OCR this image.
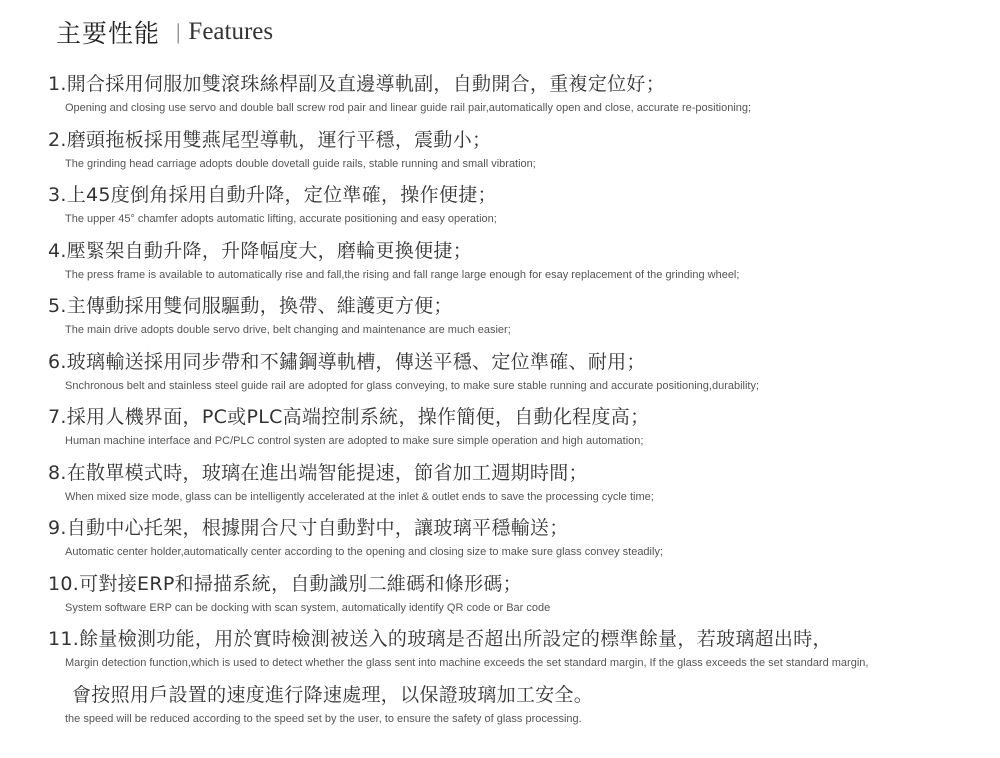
主要性能 | Features
1.開合採用伺服加雙滾珠絲桿副及直邊導軌副，自動開合，重複定位好；
Opening and closing use servo and double ball screw rod pair and linear guide rail pair,automatically open and close, accurate re-positioning;
2.磨頭拖板採用雙燕尾型導軌，運行平穩，震動小；
The grinding head carriage adopts double dovetall guide rails, stable running and small vibration;
3.上45度倒角採用自動升降，定位準確，操作便捷；
The upper 45° chamfer adopts automatic lifting, accurate positioning and easy operation;
4.壓緊架自動升降，升降幅度大，磨輪更換便捷；
The press frame is available to automatically rise and fall,the rising and fall range large enough for esay replacement of the grinding wheel;
5.主傳動採用雙伺服驅動，換帶、維護更方便；
The main drive adopts double servo drive, belt changing and maintenance are much easier;
6.玻璃輸送採用同步帶和不鏽鋼導軌槽，傳送平穩、定位準確、耐用；
Snchronous belt and stainless steel guide rail are adopted for glass conveying, to make sure stable running and accurate positioning,durability;
7.採用人機界面，PC或PLC高端控制系統，操作簡便，自動化程度高；
Human machine interface and PC/PLC control systen are adopted to make sure simple operation and high automation;
8.在散單模式時，玻璃在進出端智能提速，節省加工週期時間；
When mixed size mode, glass can be intelligently accelerated at the inlet & outlet ends to save the processing cycle time;
9.自動中心托架，根據開合尺寸自動對中，讓玻璃平穩輸送；
Automatic center holder,automatically center according to the opening and closing size to make sure glass convey steadily;
10.可對接ERP和掃描系統，自動識別二維碼和條形碼；
System software ERP can be docking with scan system, automatically identify QR code or Bar code
11.餘量檢測功能，用於實時檢測被送入的玻璃是否超出所設定的標準餘量，若玻璃超出時，
Margin detection function,which is used to detect whether the glass sent into machine exceeds the set standard margin, If the glass exceeds the set standard margin,
會按照用戶設置的速度進行降速處理，以保證玻璃加工安全。
the speed will be reduced according to the speed set by the user, to ensure the safety of glass processing.
